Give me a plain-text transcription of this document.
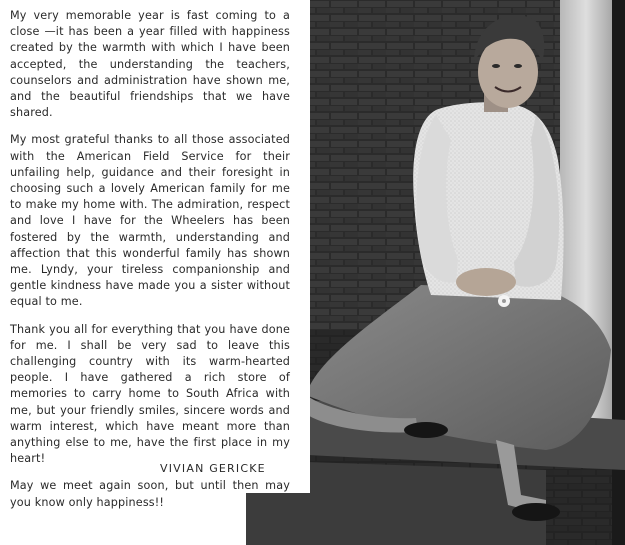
My very memorable year is fast coming to a close —it has been a year filled with happiness created by the warmth with which I have been accepted, the understanding the teachers, counselors and administration have shown me, and the beautiful friendships that we have shared.

My most grateful thanks to all those associated with the American Field Service for their unfailing help, guidance and their foresight in choosing such a lovely American family for me to make my home with. The admiration, respect and love I have for the Wheelers has been fostered by the warmth, understanding and affection that this wonderful family has shown me. Lyndy, your tireless companionship and gentle kindness have made you a sister without equal to me.

Thank you all for everything that you have done for me. I shall be very sad to leave this challenging country with its warm-hearted people. I have gathered a rich store of memories to carry home to South Africa with me, but your friendly smiles, sincere words and warm interest, which have meant more than anything else to me, have the first place in my heart!

May we meet again soon, but until then may you know only happiness!!

VIVIAN GERICKE
